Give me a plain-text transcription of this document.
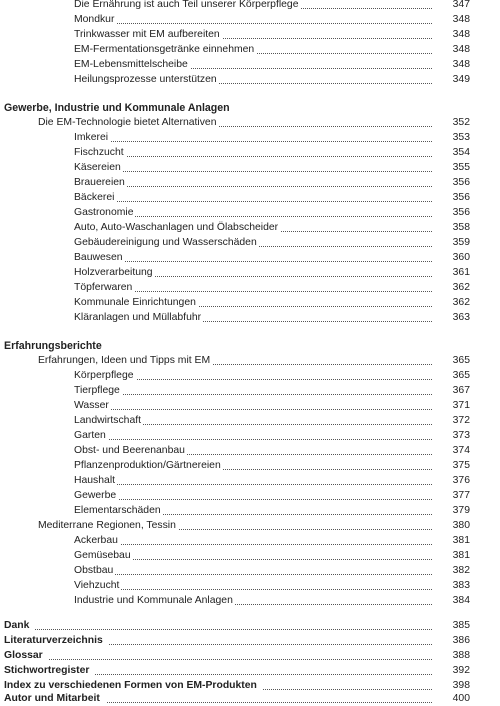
Die Ernährung ist auch Teil unserer Körperpflege	347
Mondkur	348
Trinkwasser mit EM aufbereiten	348
EM-Fermentationsgetränke einnehmen	348
EM-Lebensmittelscheibe	348
Heilungsprozesse unterstützen	349
Gewerbe, Industrie und Kommunale Anlagen
Die EM-Technologie bietet Alternativen	352
Imkerei	353
Fischzucht	354
Käsereien	355
Brauereien	356
Bäckerei	356
Gastronomie	356
Auto, Auto-Waschanlagen und Ölabscheider	358
Gebäudereinigung und Wasserschäden	359
Bauwesen	360
Holzverarbeitung	361
Töpferwaren	362
Kommunale Einrichtungen	362
Kläranlagen und Müllabfuhr	363
Erfahrungsberichte
Erfahrungen, Ideen und Tipps mit EM	365
Körperpflege	365
Tierpflege	367
Wasser	371
Landwirtschaft	372
Garten	373
Obst- und Beerenanbau	374
Pflanzenproduktion/Gärtnereien	375
Haushalt	376
Gewerbe	377
Elementarschäden	379
Mediterrane Regionen, Tessin	380
Ackerbau	381
Gemüsebau	381
Obstbau	382
Viehzucht	383
Industrie und Kommunale Anlagen	384
Dank	385
Literaturverzeichnis	386
Glossar	388
Stichwortregister	392
Index zu verschiedenen Formen von EM-Produkten	398
Autor und Mitarbeit	400
